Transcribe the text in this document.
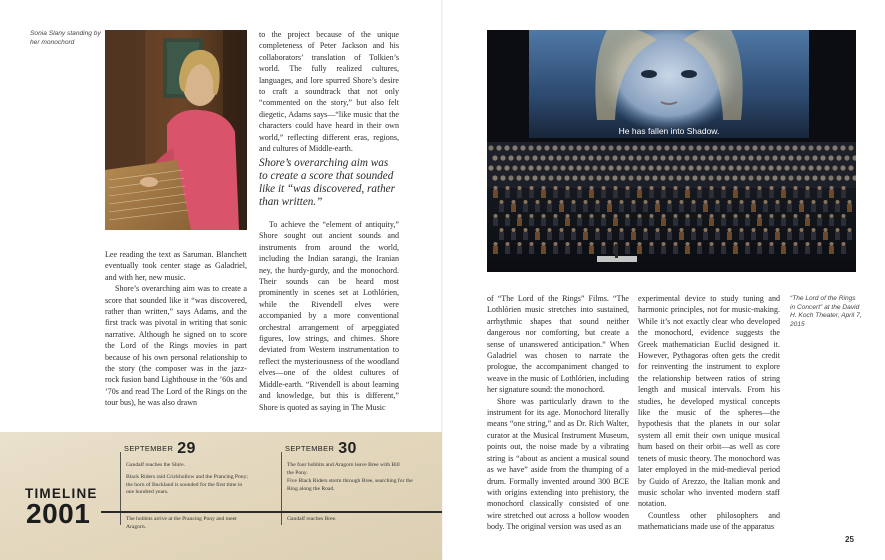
Sonia Slany standing by her monochord

Lee reading the text as Saruman. Blanchett eventually took center stage as Galadriel, and with her, new music.

Shore’s overarching aim was to create a score that sounded like it “was discovered, rather than written,” says Adams, and the first track was pivotal in writing that sonic narrative. Although he signed on to score the Lord of the Rings movies in part because of his own personal relationship to the story (the composer was in the jazz-rock fusion band Lighthouse in the ’60s and ’70s and read The Lord of the Rings on the tour bus), he was also drawn

to the project because of the unique completeness of Peter Jackson and his collaborators’ translation of Tolkien’s world. The fully realized cultures, languages, and lore spurred Shore’s desire to craft a soundtrack that not only “commented on the story,” but also felt diegetic, Adams says—“like music that the characters could have heard in their own world,” reflecting different eras, regions, and cultures of Middle-earth.

Shore’s overarching aim was to create a score that sounded like it “was discovered, rather than written.”

To achieve the “element of antiquity,” Shore sought out ancient sounds and instruments from around the world, including the Indian sarangi, the Iranian ney, the hurdy-gurdy, and the monochord. Their sounds can be heard most prominently in scenes set at Lothlórien, while the Rivendell elves were accompanied by a more conventional orchestral arrangement of arpeggiated figures, low strings, and chimes. Shore deviated from Western instrumentation to reflect the mysteriousness of the woodland elves—one of the oldest cultures of Middle-earth. “Rivendell is about learning and knowledge, but this is different,” Shore is quoted as saying in The Music

TIMELINE
2001
SEPTEMBER 29
Gandalf reaches the Shire.
Black Riders raid Crickhollow and the Prancing Pony; the horn of Buckland is sounded for the first time in one hundred years.
The hobbits arrive at the Prancing Pony and meet Aragorn.
SEPTEMBER 30
The four hobbits and Aragorn leave Bree with Bill the Pony.
Five Black Riders storm through Bree, searching for the Ring along the Road.
Gandalf reaches Bree.
He has fallen into Shadow.

of “The Lord of the Rings” Films. “The Lothlórien music stretches into sustained, arrhythmic shapes that sound neither dangerous nor comforting, but create a sense of unanswered anticipation.” When Galadriel was chosen to narrate the prologue, the accompaniment changed to weave in the music of Lothlórien, including her signature sound: the monochord.

Shore was particularly drawn to the instrument for its age. Monochord literally means “one string,” and as Dr. Rich Walter, curator at the Musical Instrument Museum, points out, the noise made by a vibrating string is “about as ancient a musical sound as we have” aside from the thumping of a drum. Formally invented around 300 BCE with origins extending into prehistory, the monochord classically consisted of one wire stretched out across a hollow wooden body. The original version was used as an

experimental device to study tuning and harmonic principles, not for music-making. While it’s not exactly clear who developed the monochord, evidence suggests the Greek mathematician Euclid designed it. However, Pythagoras often gets the credit for reinventing the instrument to explore the relationship between ratios of string length and musical intervals. From his studies, he developed mystical concepts like the music of the spheres—the hypothesis that the planets in our solar system all emit their own unique musical hum based on their orbit—as well as core tenets of music theory. The monochord was later employed in the mid-medieval period by Guido of Arezzo, the Italian monk and music scholar who invented modern staff notation.

Countless other philosophers and mathematicians made use of the apparatus

“The Lord of the Rings in Concert” at the David H. Koch Theater, April 7, 2015
25
